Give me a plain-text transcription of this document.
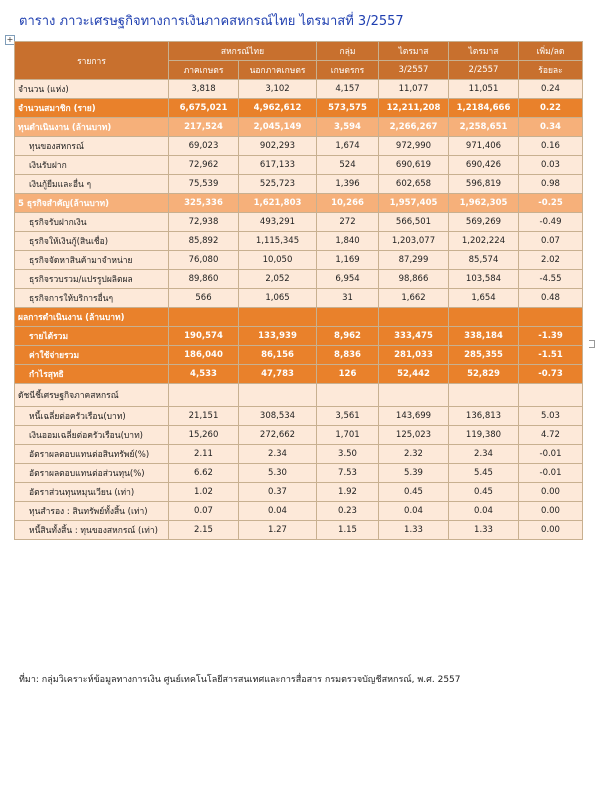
ตาราง ภาวะเศรษฐกิจทางการเงินภาคสหกรณ์ไทย ไตรมาสที่ 3/2557
+
รายการ	สหกรณ์ไทย		กลุ่ม	ไตรมาส	ไตรมาส	เพิ่ม/ลด
	ภาคเกษตร	นอกภาคเกษตร	เกษตรกร	3/2557	2/2557	ร้อยละ
จำนวน (แห่ง)	3,818	3,102	4,157	11,077	11,051	0.24
จำนวนสมาชิก (ราย)	6,675,021	4,962,612	573,575	12,211,208	1,2184,666	0.22
ทุนดำเนินงาน (ล้านบาท)	217,524	2,045,149	3,594	2,266,267	2,258,651	0.34
ทุนของสหกรณ์	69,023	902,293	1,674	972,990	971,406	0.16
เงินรับฝาก	72,962	617,133	524	690,619	690,426	0.03
เงินกู้ยืมและอื่น ๆ	75,539	525,723	1,396	602,658	596,819	0.98
5 ธุรกิจสำคัญ(ล้านบาท)	325,336	1,621,803	10,266	1,957,405	1,962,305	-0.25
ธุรกิจรับฝากเงิน	72,938	493,291	272	566,501	569,269	-0.49
ธุรกิจให้เงินกู้(สินเชื่อ)	85,892	1,115,345	1,840	1,203,077	1,202,224	0.07
ธุรกิจจัดหาสินค้ามาจำหน่าย	76,080	10,050	1,169	87,299	85,574	2.02
ธุรกิจรวบรวม/แปรรูปผลิตผล	89,860	2,052	6,954	98,866	103,584	-4.55
ธุรกิจการให้บริการอื่นๆ	566	1,065	31	1,662	1,654	0.48
ผลการดำเนินงาน (ล้านบาท)						
รายได้รวม	190,574	133,939	8,962	333,475	338,184	-1.39
ค่าใช้จ่ายรวม	186,040	86,156	8,836	281,033	285,355	-1.51
กำไรสุทธิ	4,533	47,783	126	52,442	52,829	-0.73
ดัชนีชี้เศรษฐกิจภาคสหกรณ์						
หนี้เฉลี่ยต่อครัวเรือน(บาท)	21,151	308,534	3,561	143,699	136,813	5.03
เงินออมเฉลี่ยต่อครัวเรือน(บาท)	15,260	272,662	1,701	125,023	119,380	4.72
อัตราผลตอบแทนต่อสินทรัพย์(%)	2.11	2.34	3.50	2.32	2.34	-0.01
อัตราผลตอบแทนต่อส่วนทุน(%)	6.62	5.30	7.53	5.39	5.45	-0.01
อัตราส่วนทุนหมุนเวียน (เท่า)	1.02	0.37	1.92	0.45	0.45	0.00
ทุนสำรอง : สินทรัพย์ทั้งสิ้น (เท่า)	0.07	0.04	0.23	0.04	0.04	0.00
หนี้สินทั้งสิ้น : ทุนของสหกรณ์ (เท่า)	2.15	1.27	1.15	1.33	1.33	0.00
ที่มา: กลุ่มวิเคราะห์ข้อมูลทางการเงิน ศูนย์เทคโนโลยีสารสนเทศและการสื่อสาร กรมตรวจบัญชีสหกรณ์, พ.ศ. 2557
